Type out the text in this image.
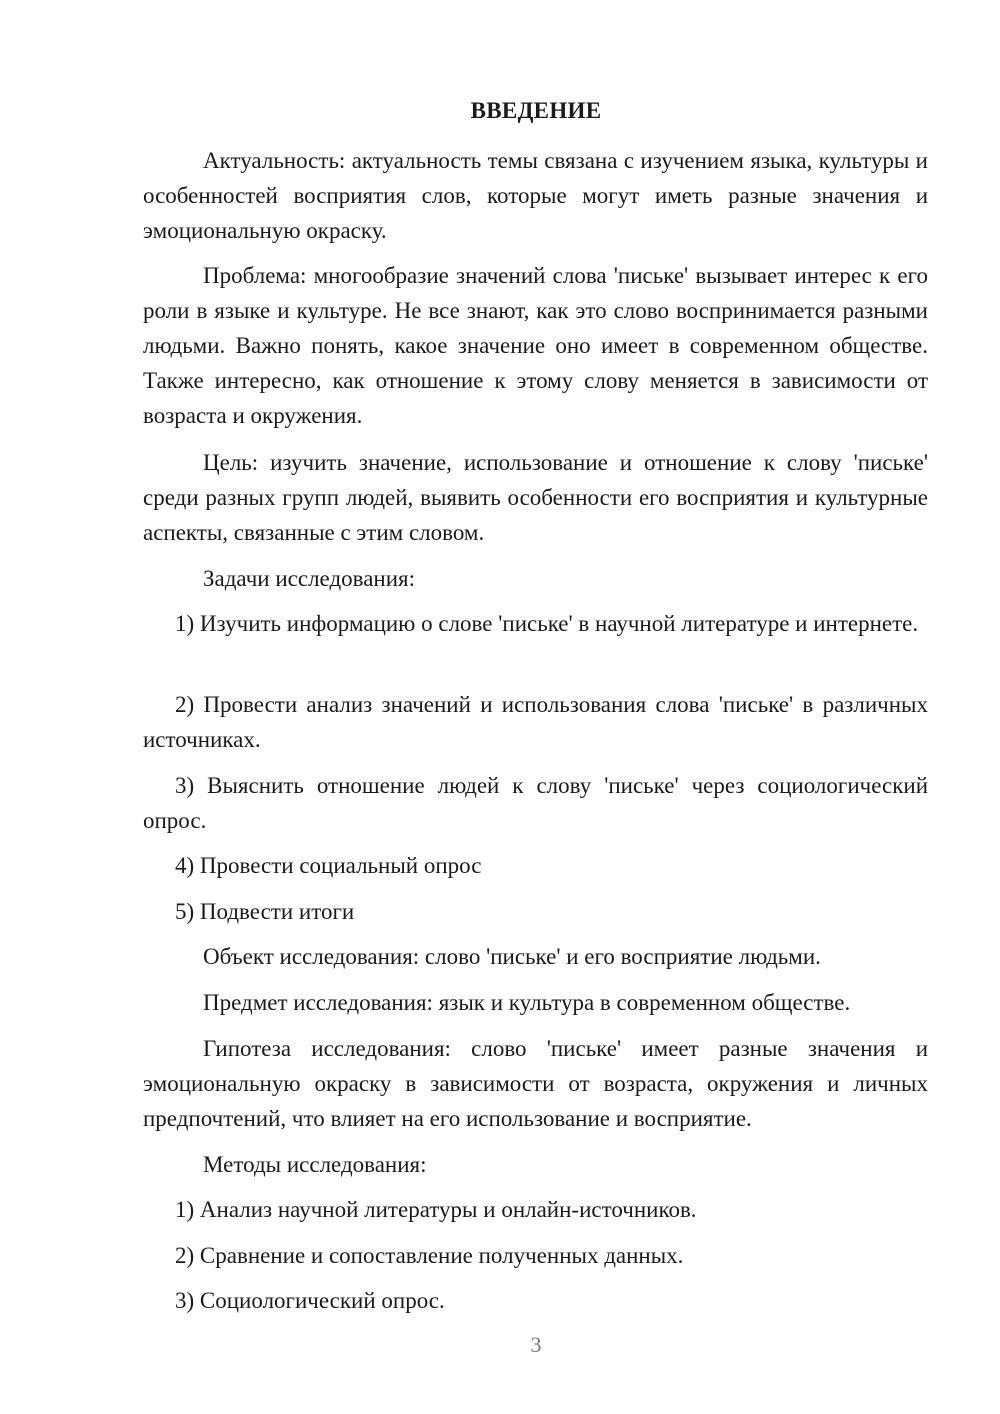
ВВЕДЕНИЕ

Актуальность: актуальность темы связана с изучением языка, культуры и особенностей восприятия слов, которые могут иметь разные значения и эмоциональную окраску.

Проблема: многообразие значений слова 'письке' вызывает интерес к его роли в языке и культуре. Не все знают, как это слово воспринимается разными людьми. Важно понять, какое значение оно имеет в современном обществе. Также интересно, как отношение к этому слову меняется в зависимости от возраста и окружения.

Цель: изучить значение, использование и отношение к слову 'письке' среди разных групп людей, выявить особенности его восприятия и культурные аспекты, связанные с этим словом.

Задачи исследования:

1) Изучить информацию о слове 'письке' в научной литературе и интернете.

2) Провести анализ значений и использования слова 'письке' в различных источниках.

3) Выяснить отношение людей к слову 'письке' через социологический опрос.

4) Провести социальный опрос

5) Подвести итоги

Объект исследования: слово 'письке' и его восприятие людьми.

Предмет исследования: язык и культура в современном обществе.

Гипотеза исследования: слово 'письке' имеет разные значения и эмоциональную окраску в зависимости от возраста, окружения и личных предпочтений, что влияет на его использование и восприятие.

Методы исследования:

1) Анализ научной литературы и онлайн-источников.

2) Сравнение и сопоставление полученных данных.

3) Социологический опрос.

3
